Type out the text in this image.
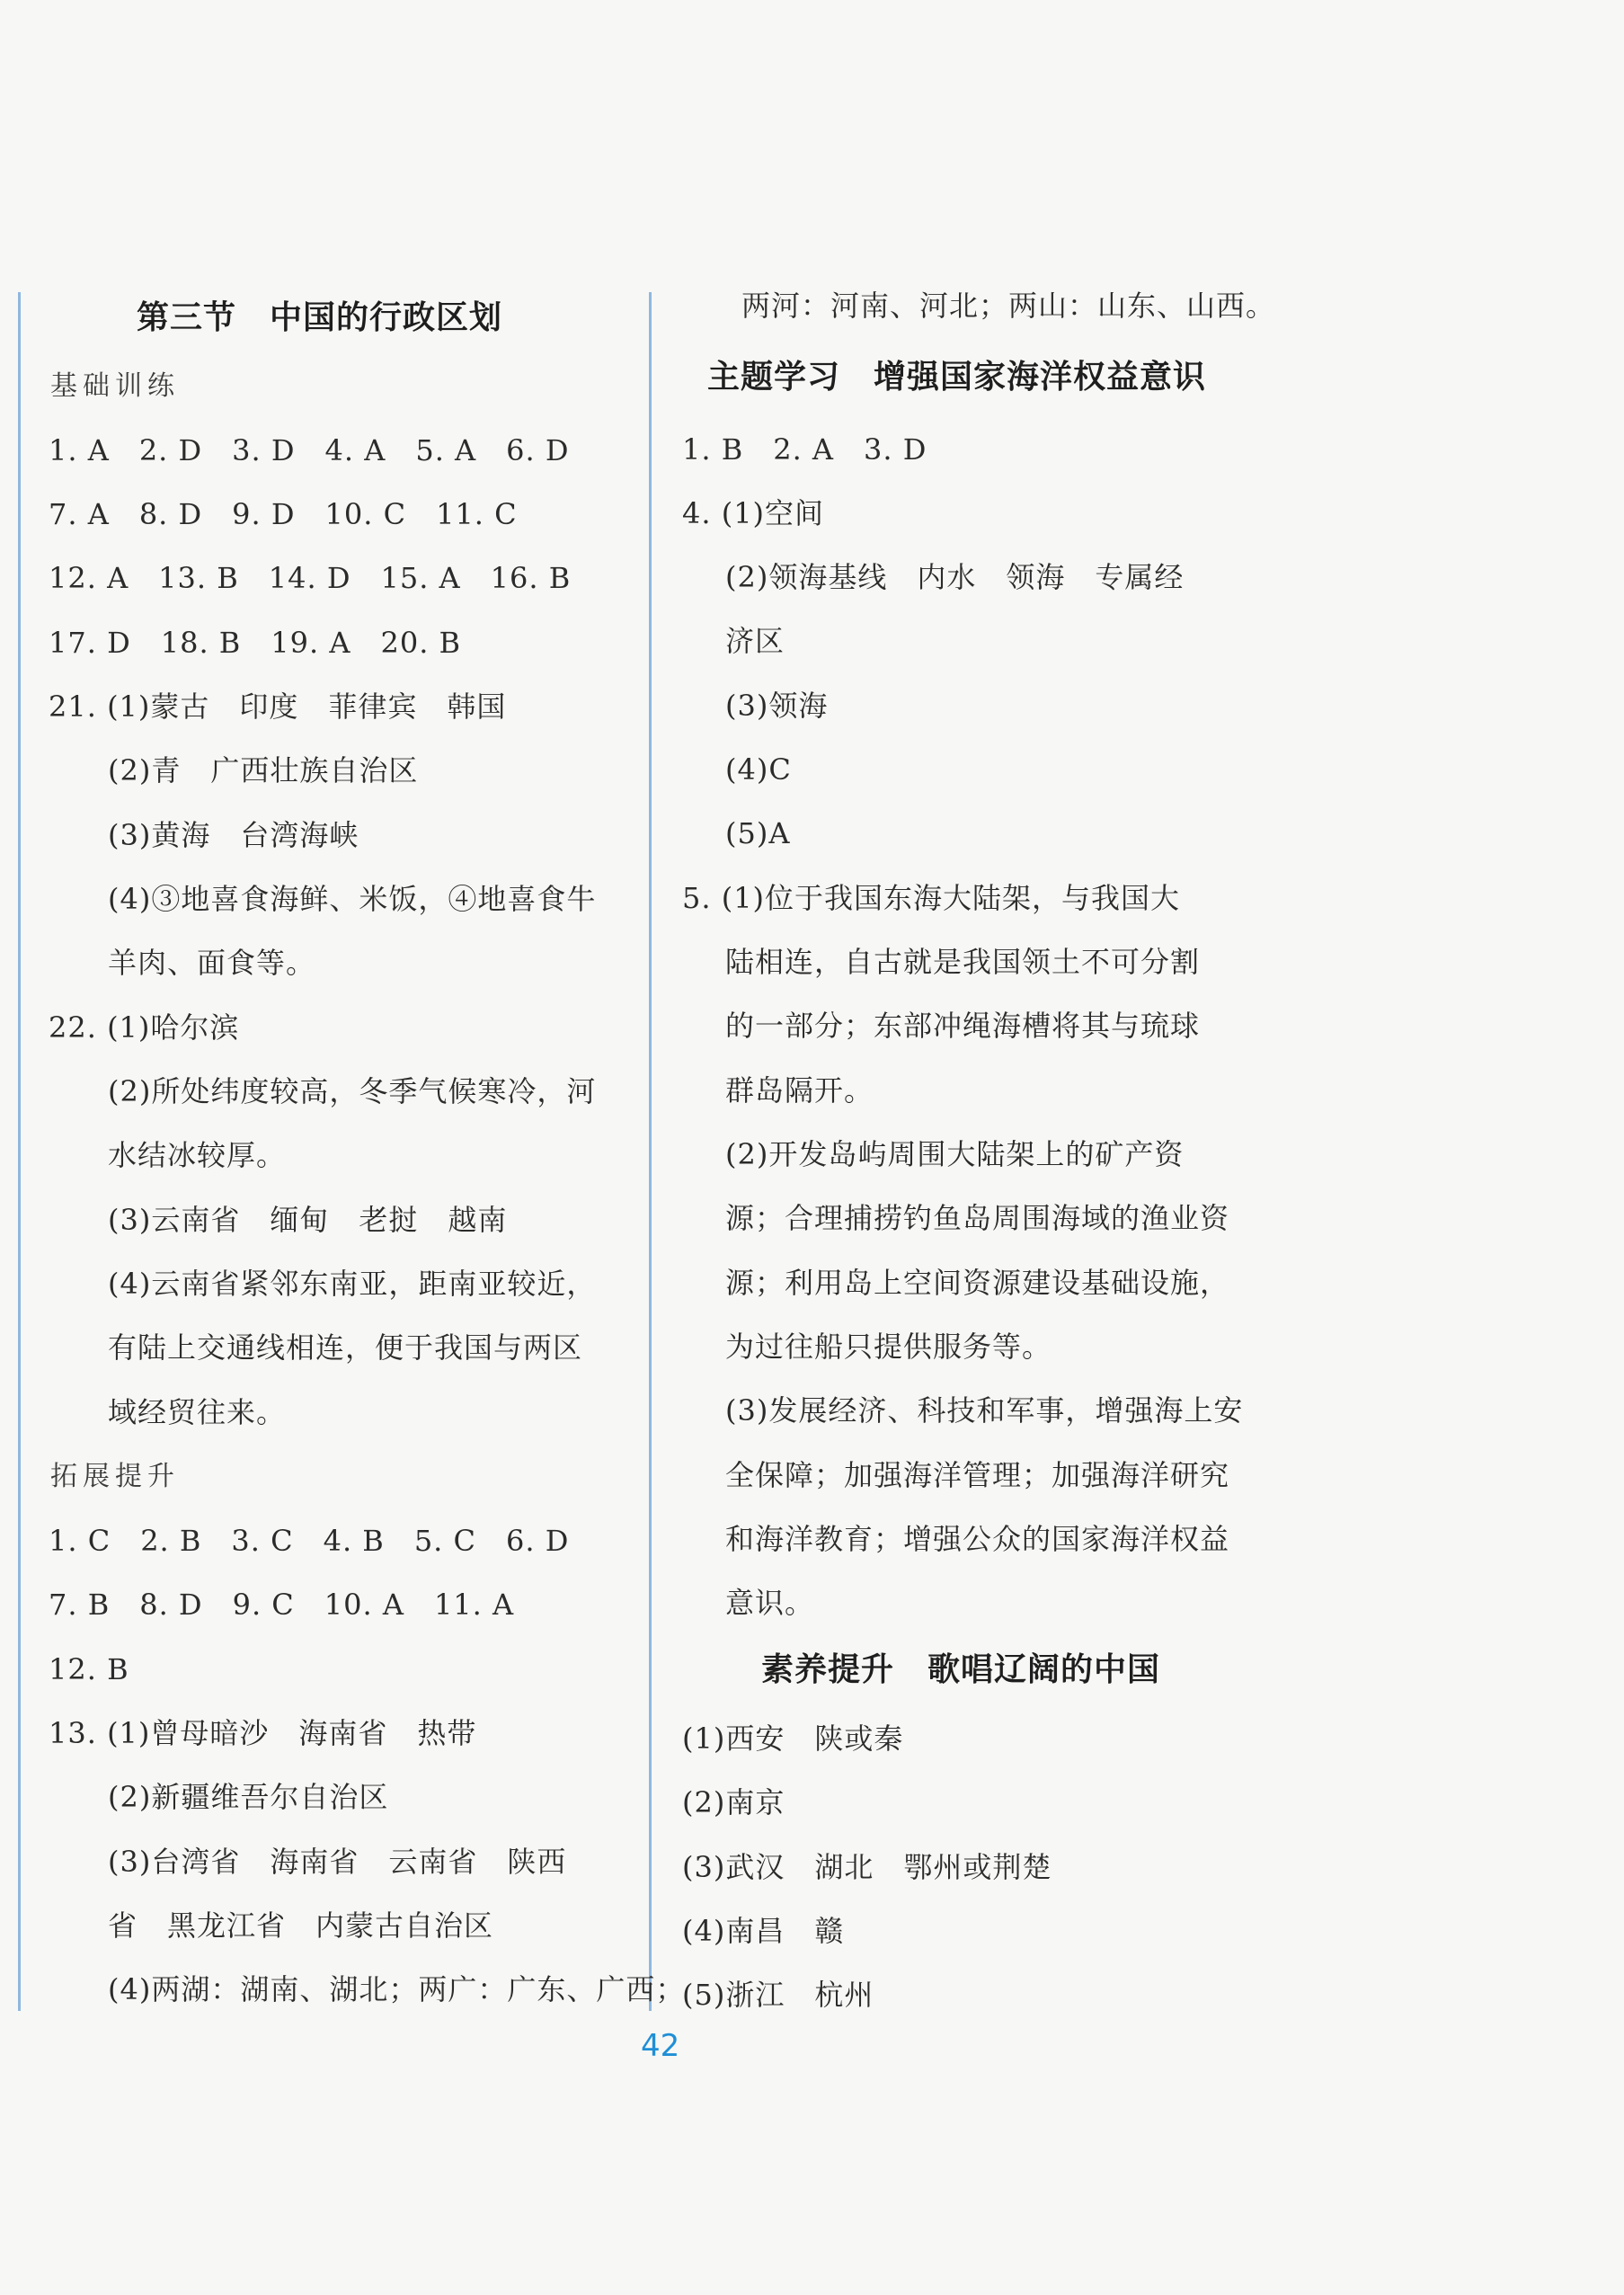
第三节　中国的行政区划
基础训练
1. A　2. D　3. D　4. A　5. A　6. D
7. A　8. D　9. D　10. C　11. C
12. A　13. B　14. D　15. A　16. B
17. D　18. B　19. A　20. B
21. (1)蒙古　印度　菲律宾　韩国
(2)青　广西壮族自治区
(3)黄海　台湾海峡
(4)③地喜食海鲜、米饭，④地喜食牛
羊肉、面食等。
22. (1)哈尔滨
(2)所处纬度较高，冬季气候寒冷，河
水结冰较厚。
(3)云南省　缅甸　老挝　越南
(4)云南省紧邻东南亚，距南亚较近，
有陆上交通线相连，便于我国与两区
域经贸往来。
拓展提升
1. C　2. B　3. C　4. B　5. C　6. D
7. B　8. D　9. C　10. A　11. A
12. B
13. (1)曾母暗沙　海南省　热带
(2)新疆维吾尔自治区
(3)台湾省　海南省　云南省　陕西
省　黑龙江省　内蒙古自治区
(4)两湖：湖南、湖北；两广：广东、广西；
两河：河南、河北；两山：山东、山西。
主题学习　增强国家海洋权益意识
1. B　2. A　3. D
4. (1)空间
(2)领海基线　内水　领海　专属经
济区
(3)领海
(4)C
(5)A
5. (1)位于我国东海大陆架，与我国大
陆相连，自古就是我国领土不可分割
的一部分；东部冲绳海槽将其与琉球
群岛隔开。
(2)开发岛屿周围大陆架上的矿产资
源；合理捕捞钓鱼岛周围海域的渔业资
源；利用岛上空间资源建设基础设施，
为过往船只提供服务等。
(3)发展经济、科技和军事，增强海上安
全保障；加强海洋管理；加强海洋研究
和海洋教育；增强公众的国家海洋权益
意识。
素养提升　歌唱辽阔的中国
(1)西安　陕或秦
(2)南京
(3)武汉　湖北　鄂州或荆楚
(4)南昌　赣
(5)浙江　杭州
42
